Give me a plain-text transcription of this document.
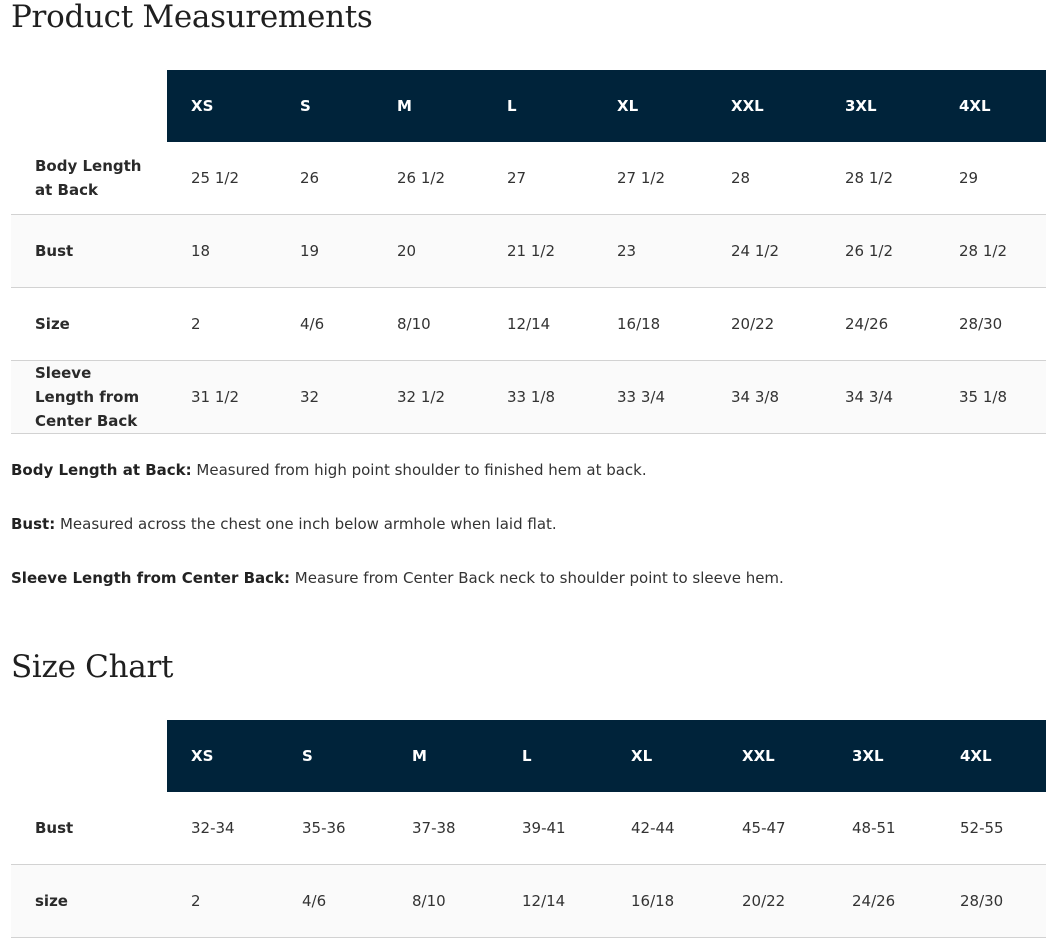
Product Measurements
	XS	S	M	L	XL	XXL	3XL	4XL
Body Length at Back	25 1/2	26	26 1/2	27	27 1/2	28	28 1/2	29
Bust	18	19	20	21 1/2	23	24 1/2	26 1/2	28 1/2
Size	2	4/6	8/10	12/14	16/18	20/22	24/26	28/30
Sleeve Length from Center Back	31 1/2	32	32 1/2	33 1/8	33 3/4	34 3/8	34 3/4	35 1/8

Body Length at Back: Measured from high point shoulder to finished hem at back.

Bust: Measured across the chest one inch below armhole when laid flat.

Sleeve Length from Center Back: Measure from Center Back neck to shoulder point to sleeve hem.

Size Chart
	XS	S	M	L	XL	XXL	3XL	4XL
Bust	32-34	35-36	37-38	39-41	42-44	45-47	48-51	52-55
size	2	4/6	8/10	12/14	16/18	20/22	24/26	28/30
